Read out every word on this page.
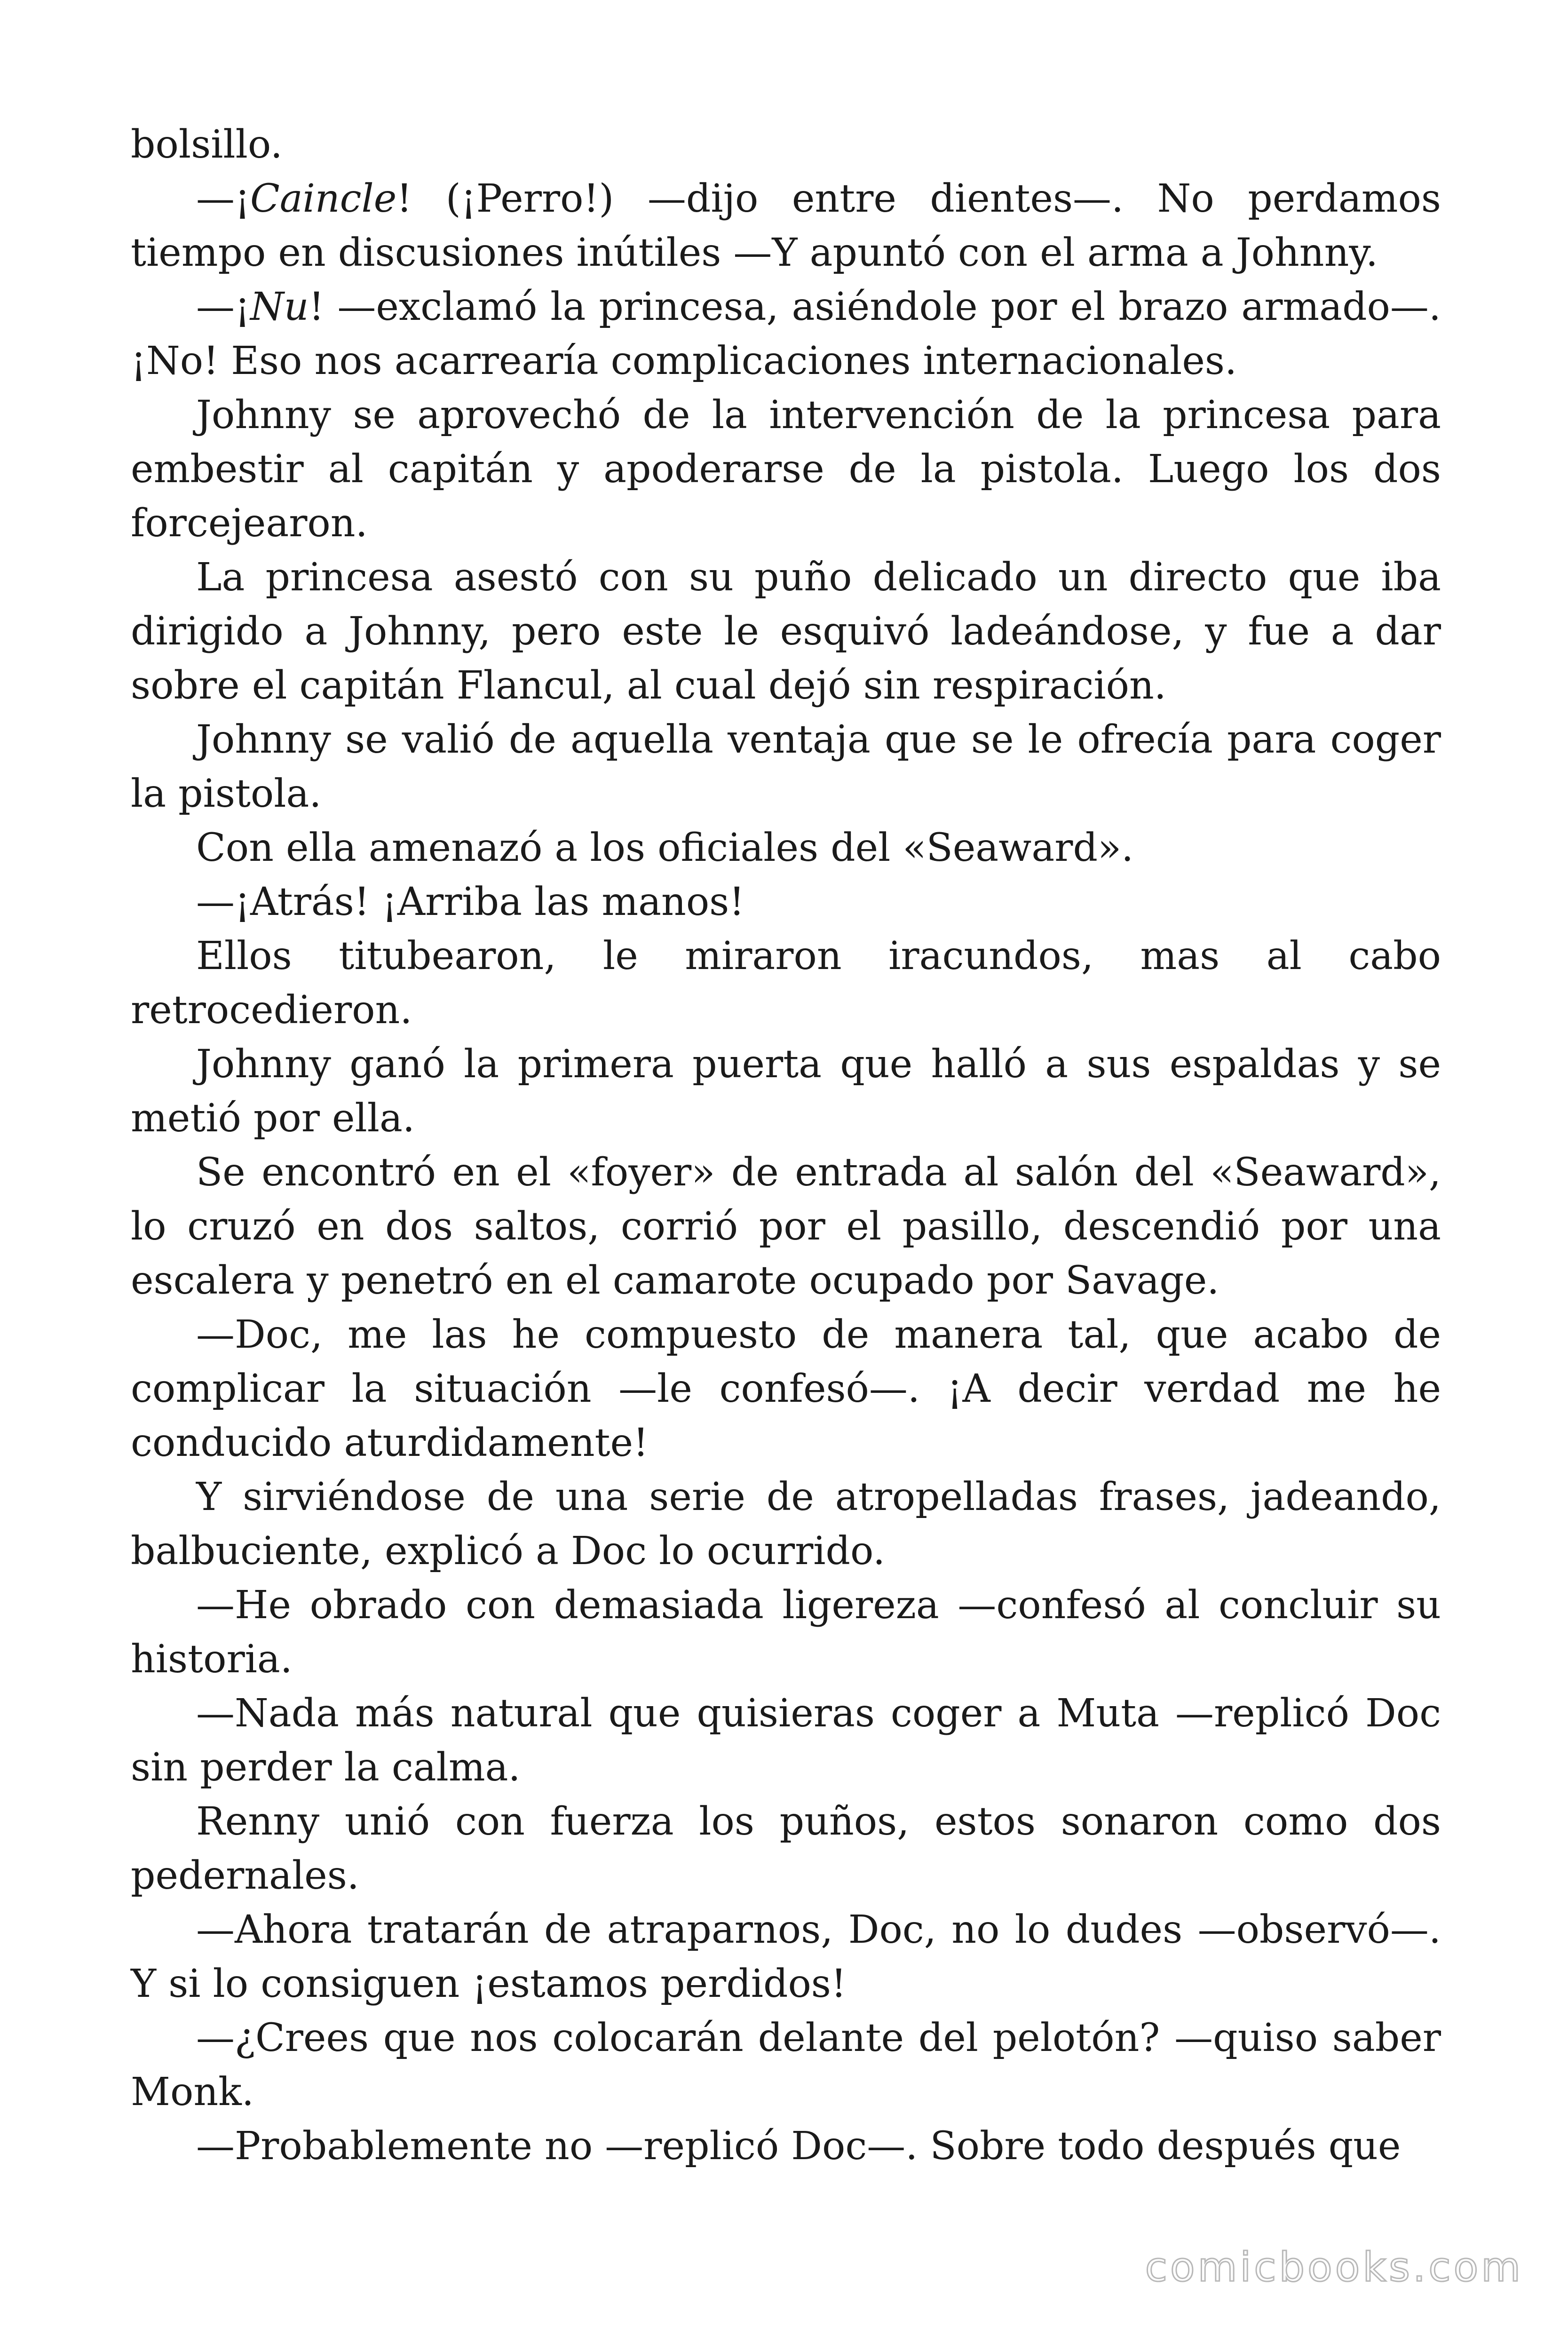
bolsillo.

—¡Caincle! (¡Perro!) —dijo entre dientes—. No perdamos tiempo en discusiones inútiles —Y apuntó con el arma a Johnny.

—¡Nu! —exclamó la princesa, asiéndole por el brazo armado—. ¡No! Eso nos acarrearía complicaciones internacionales.

Johnny se aprovechó de la intervención de la princesa para embestir al capitán y apoderarse de la pistola. Luego los dos forcejearon.

La princesa asestó con su puño delicado un directo que iba dirigido a Johnny, pero este le esquivó ladeándose, y fue a dar sobre el capitán Flancul, al cual dejó sin respiración.

Johnny se valió de aquella ventaja que se le ofrecía para coger la pistola.

Con ella amenazó a los oficiales del «Seaward».

—¡Atrás! ¡Arriba las manos!

Ellos titubearon, le miraron iracundos, mas al cabo retrocedieron.

Johnny ganó la primera puerta que halló a sus espaldas y se metió por ella.

Se encontró en el «foyer» de entrada al salón del «Seaward», lo cruzó en dos saltos, corrió por el pasillo, descendió por una escalera y penetró en el camarote ocupado por Savage.

—Doc, me las he compuesto de manera tal, que acabo de complicar la situación —le confesó—. ¡A decir verdad me he conducido aturdidamente!

Y sirviéndose de una serie de atropelladas frases, jadeando, balbuciente, explicó a Doc lo ocurrido.

—He obrado con demasiada ligereza —confesó al concluir su historia.

—Nada más natural que quisieras coger a Muta —replicó Doc sin perder la calma.

Renny unió con fuerza los puños, estos sonaron como dos pedernales.

—Ahora tratarán de atraparnos, Doc, no lo dudes —observó—. Y si lo consiguen ¡estamos perdidos!

—¿Crees que nos colocarán delante del pelotón? —quiso saber Monk.

—Probablemente no —replicó Doc—. Sobre todo después que

comicbooks.com
